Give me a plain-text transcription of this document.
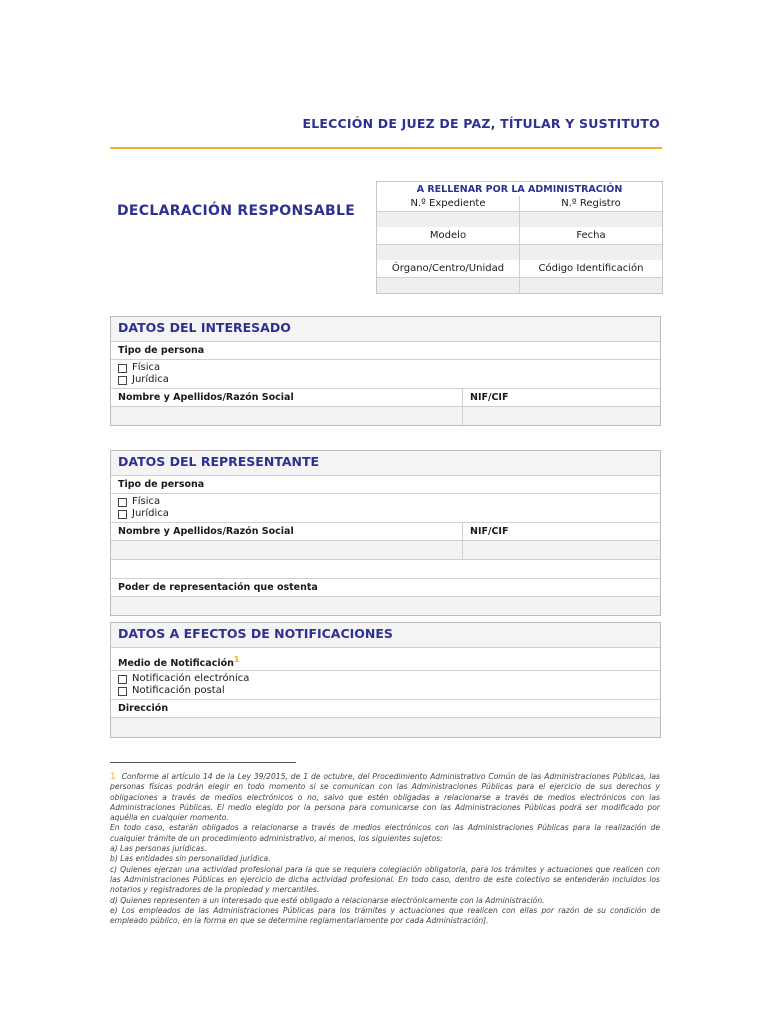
ELECCIÓN DE JUEZ DE PAZ, TÍTULAR Y SUSTITUTO
DECLARACIÓN RESPONSABLE
A RELLENAR POR LA ADMINISTRACIÓN
N.º Expediente	N.º Registro
Modelo	Fecha
Órgano/Centro/Unidad	Código Identificación
DATOS DEL INTERESADO
Tipo de persona
Física
Jurídica
Nombre y Apellidos/Razón Social	NIF/CIF
DATOS DEL REPRESENTANTE
Tipo de persona
Física
Jurídica
Nombre y Apellidos/Razón Social	NIF/CIF
Poder de representación que ostenta
DATOS A EFECTOS DE NOTIFICACIONES
Medio de Notificación$^1$
Notificación electrónica
Notificación postal
Dirección

1 Conforme al artículo 14 de la Ley 39/2015, de 1 de octubre, del Procedimiento Administrativo Común de las Administraciones Públicas, las personas físicas podrán elegir en todo momento si se comunican con las Administraciones Públicas para el ejercicio de sus derechos y obligaciones a través de medios electrónicos o no, salvo que estén obligadas a relacionarse a través de medios electrónicos con las Administraciones Públicas. El medio elegido por la persona para comunicarse con las Administraciones Públicas podrá ser modificado por aquélla en cualquier momento.

En todo caso, estarán obligados a relacionarse a través de medios electrónicos con las Administraciones Públicas para la realización de cualquier trámite de un procedimiento administrativo, al menos, los siguientes sujetos:

a) Las personas jurídicas.

b) Las entidades sin personalidad jurídica.

c) Quienes ejerzan una actividad profesional para la que se requiera colegiación obligatoria, para los trámites y actuaciones que realicen con las Administraciones Públicas en ejercicio de dicha actividad profesional. En todo caso, dentro de este colectivo se entenderán incluidos los notarios y registradores de la propiedad y mercantiles.

d) Quienes representen a un interesado que esté obligado a relacionarse electrónicamente con la Administración.

e) Los empleados de las Administraciones Públicas para los trámites y actuaciones que realicen con ellas por razón de su condición de empleado público, en la forma en que se determine reglamentariamente por cada Administración].
